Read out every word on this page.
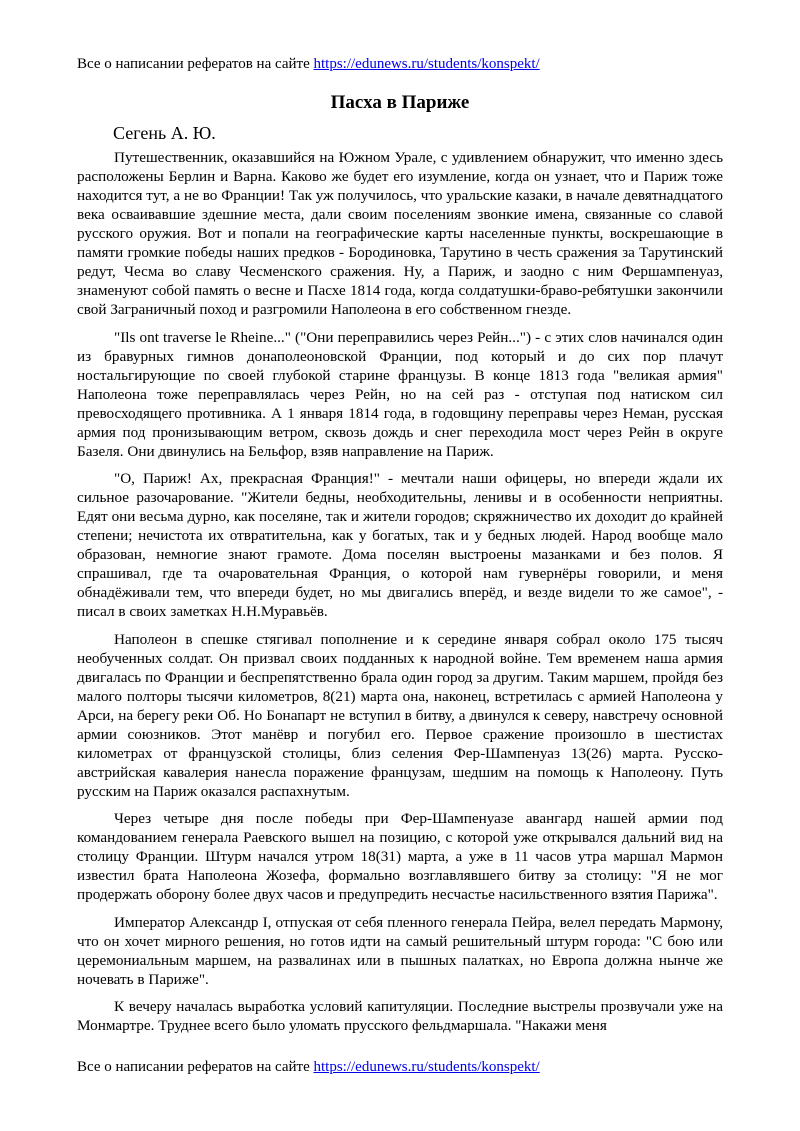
Все о написании рефератов на сайте https://edunews.ru/students/konspekt/
Пасха в Париже
Сегень А. Ю.

Путешественник, оказавшийся на Южном Урале, с удивлением обнаружит, что именно здесь расположены Берлин и Варна. Каково же будет его изумление, когда он узнает, что и Париж тоже находится тут, а не во Франции! Так уж получилось, что уральские казаки, в начале девятнадцатого века осваивавшие здешние места, дали своим поселениям звонкие имена, связанные со славой русского оружия. Вот и попали на географические карты населенные пункты, воскрешающие в памяти громкие победы наших предков - Бородиновка, Тарутино в честь сражения за Тарутинский редут, Чесма во славу Чесменского сражения. Ну, а Париж, и заодно с ним Фершампенуаз, знаменуют собой память о весне и Пасхе 1814 года, когда солдатушки-браво-ребятушки закончили свой Заграничный поход и разгромили Наполеона в его собственном гнезде.

"Ils ont traverse le Rheine..." ("Они переправились через Рейн...") - с этих слов начинался один из бравурных гимнов донаполеоновской Франции, под который и до сих пор плачут ностальгирующие по своей глубокой старине французы. В конце 1813 года "великая армия" Наполеона тоже переправлялась через Рейн, но на сей раз - отступая под натиском сил превосходящего противника. А 1 января 1814 года, в годовщину переправы через Неман, русская армия под пронизывающим ветром, сквозь дождь и снег переходила мост через Рейн в округе Базеля. Они двинулись на Бельфор, взяв направление на Париж.

"О, Париж! Ах, прекрасная Франция!" - мечтали наши офицеры, но впереди ждали их сильное разочарование. "Жители бедны, необходительны, ленивы и в особенности неприятны. Едят они весьма дурно, как поселяне, так и жители городов; скряжничество их доходит до крайней степени; нечистота их отвратительна, как у богатых, так и у бедных людей. Народ вообще мало образован, немногие знают грамоте. Дома поселян выстроены мазанками и без полов. Я спрашивал, где та очаровательная Франция, о которой нам гувернёры говорили, и меня обнадёживали тем, что впереди будет, но мы двигались вперёд, и везде видели то же самое", - писал в своих заметках Н.Н.Муравьёв.

Наполеон в спешке стягивал пополнение и к середине января собрал около 175 тысяч необученных солдат. Он призвал своих подданных к народной войне. Тем временем наша армия двигалась по Франции и беспрепятственно брала один город за другим. Таким маршем, пройдя без малого полторы тысячи километров, 8(21) марта она, наконец, встретилась с армией Наполеона у Арси, на берегу реки Об. Но Бонапарт не вступил в битву, а двинулся к северу, навстречу основной армии союзников. Этот манёвр и погубил его. Первое сражение произошло в шестистах километрах от французской столицы, близ селения Фер-Шампенуаз 13(26) марта. Русско-австрийская кавалерия нанесла поражение французам, шедшим на помощь к Наполеону. Путь русским на Париж оказался распахнутым.

Через четыре дня после победы при Фер-Шампенуазе авангард нашей армии под командованием генерала Раевского вышел на позицию, с которой уже открывался дальний вид на столицу Франции. Штурм начался утром 18(31) марта, а уже в 11 часов утра маршал Мармон известил брата Наполеона Жозефа, формально возглавлявшего битву за столицу: "Я не мог продержать оборону более двух часов и предупредить несчастье насильственного взятия Парижа".

Император Александр I, отпуская от себя пленного генерала Пейра, велел передать Мармону, что он хочет мирного решения, но готов идти на самый решительный штурм города: "С бою или церемониальным маршем, на развалинах или в пышных палатках, но Европа должна нынче же ночевать в Париже".

К вечеру началась выработка условий капитуляции. Последние выстрелы прозвучали уже на Монмартре. Труднее всего было уломать прусского фельдмаршала. "Накажи меня

Все о написании рефератов на сайте https://edunews.ru/students/konspekt/
